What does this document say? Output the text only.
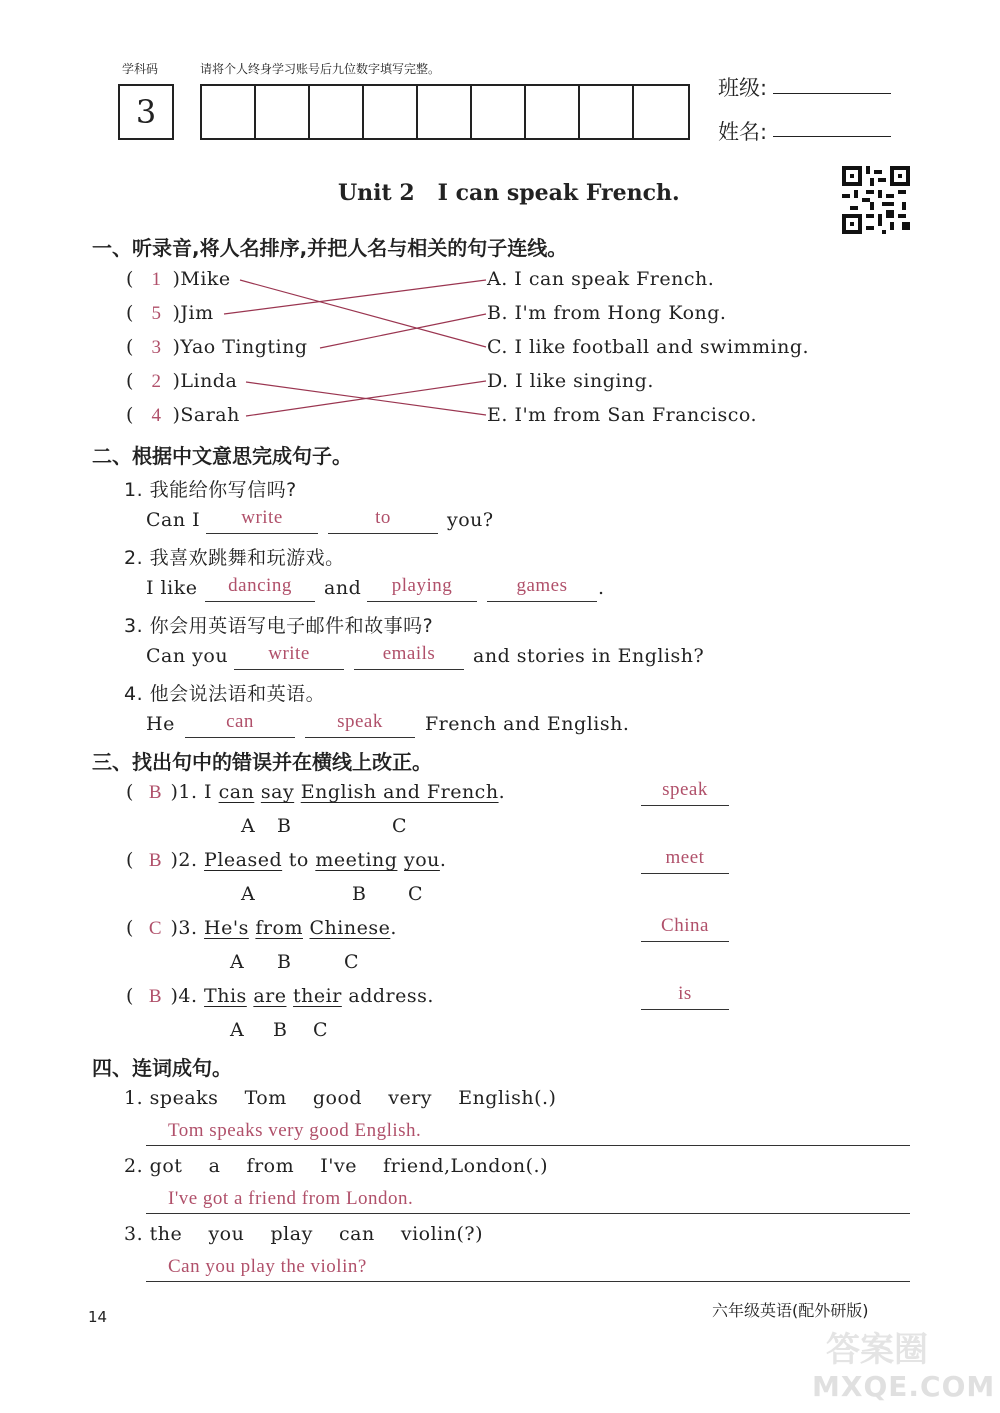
学科码	请将个人终身学习账号后九位数字填写完整。
3
班级:
姓名:
Unit 2   I can speak French.
一、听录音,将人名排序,并把人名与相关的句子连线。
( 1 )Mike
( 5 )Jim
( 3 )Yao Tingting
( 2 )Linda
( 4 )Sarah
A. I can speak French.
B. I'm from Hong Kong.
C. I like football and swimming.
D. I like singing.
E. I'm from San Francisco.
二、根据中文意思完成句子。
1. 我能给你写信吗?
Can I	write	to	you?
2. 我喜欢跳舞和玩游戏。
I like	dancing	and	playing	games	.
3. 你会用英语写电子邮件和故事吗?
Can you	write	emails	and stories in English?
4. 他会说法语和英语。
He	can	speak	French and English.
三、找出句中的错误并在横线上改正。
( B )1. I can say English and French.
A B	C
speak
( B )2. Pleased to meeting you.
A	B C
meet
( C )3. He's from Chinese.
A B	C
China
( B )4. This are their address.
A B C
is
四、连词成句。
1. speaks    Tom    good    very    English(.)
Tom speaks very good English.
2. got    a    from    I've    friend,London(.)
I've got a friend from London.
3. the    you    play    can    violin(?)
Can you play the violin?
14	六年级英语(配外研版)
答案圈
MXQE.COM
